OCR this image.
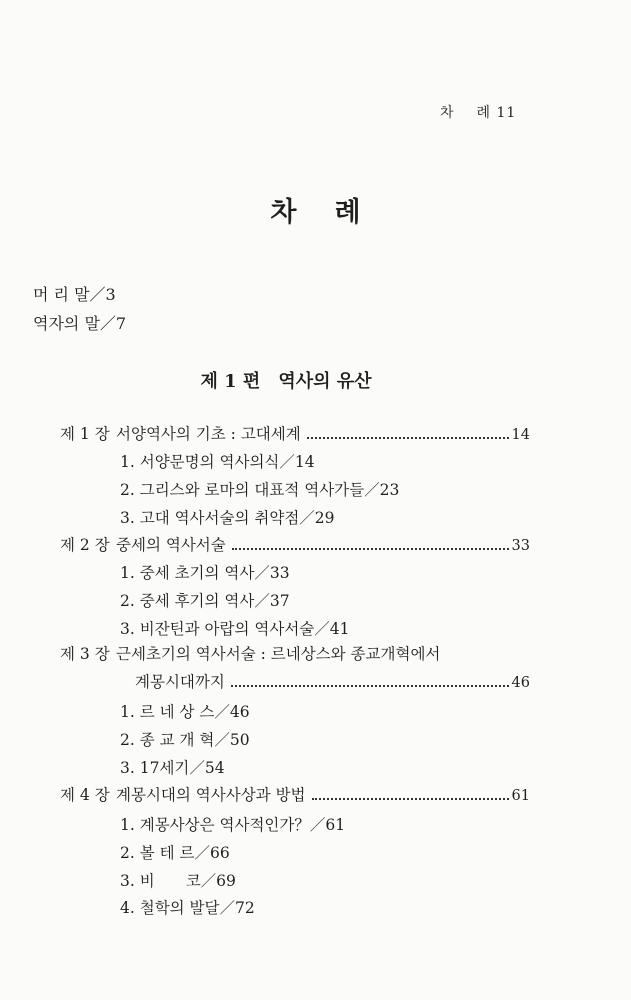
차 례 11
차 례
머 리 말／3
역자의 말／7
제 1 편 역사의 유산
제 1 장 서양역사의 기초 : 고대세계	14
1. 서양문명의 역사의식／14
2. 그리스와 로마의 대표적 역사가들／23
3. 고대 역사서술의 취약점／29
제 2 장 중세의 역사서술	33
1. 중세 초기의 역사／33
2. 중세 후기의 역사／37
3. 비잔틴과 아랍의 역사서술／41
제 3 장 근세초기의 역사서술 : 르네상스와 종교개혁에서
계몽시대까지	46
1. 르 네 상 스／46
2. 종 교 개 혁／50
3. 17세기／54
제 4 장 계몽시대의 역사사상과 방법	61
1. 계몽사상은 역사적인가？／61
2. 볼 테 르／66
3. 비　　코／69
4. 철학의 발달／72
